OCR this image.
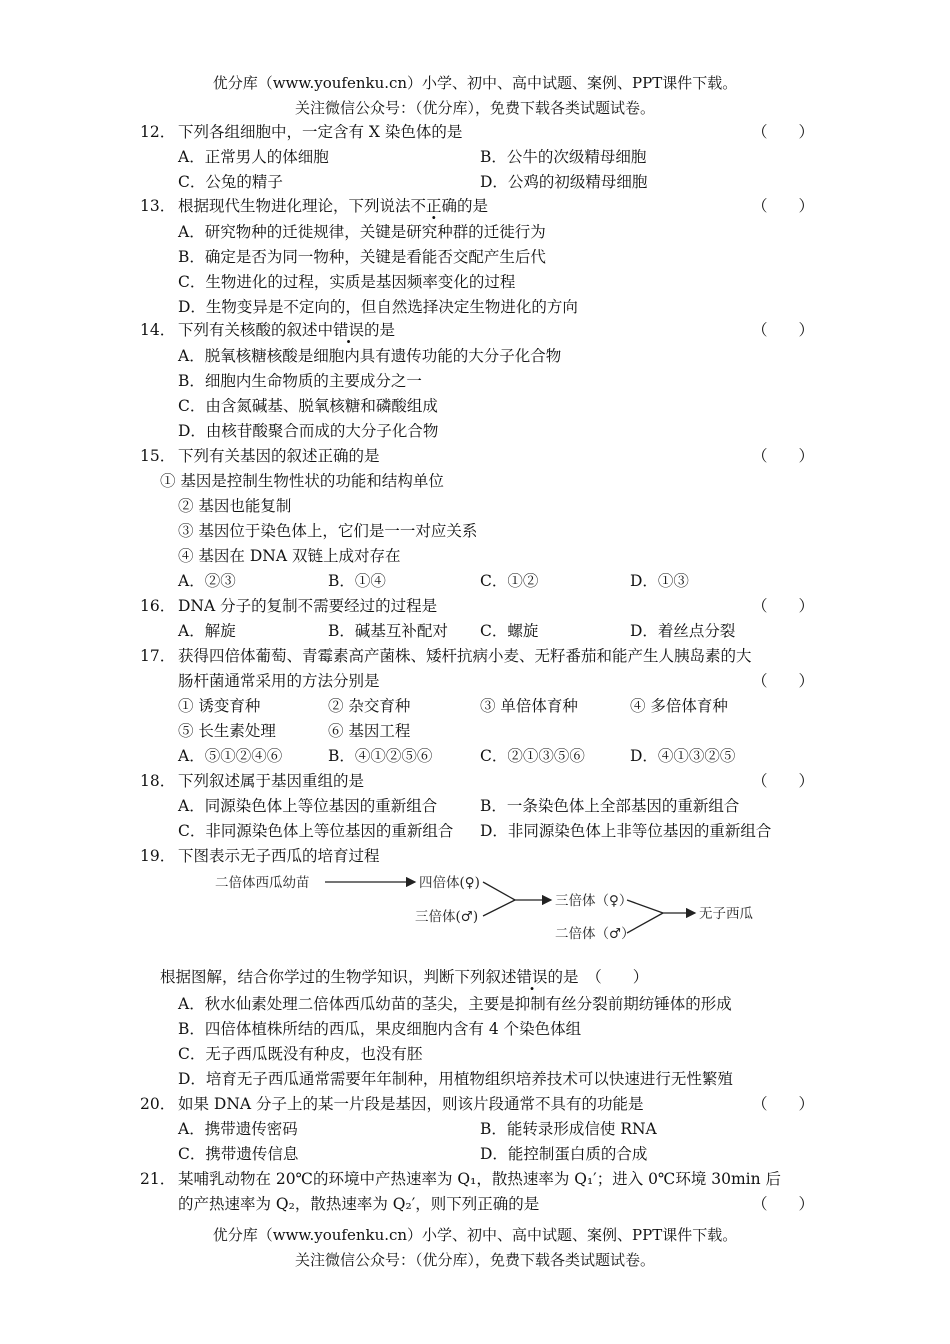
优分库（www.youfenku.cn）小学、初中、高中试题、案例、PPT课件下载。
关注微信公众号：（优分库），免费下载各类试题试卷。
12． 下列各组细胞中，一定含有 X 染色体的是	（　　）
A．正常男人的体细胞	B．公牛的次级精母细胞
C．公兔的精子	D．公鸡的初级精母细胞
13． 根据现代生物进化理论，下列说法不正确的是	（　　）
A．研究物种的迁徙规律，关键是研究种群的迁徙行为
B．确定是否为同一物种，关键是看能否交配产生后代
C．生物进化的过程，实质是基因频率变化的过程
D．生物变异是不定向的，但自然选择决定生物进化的方向
14． 下列有关核酸的叙述中错误的是	（　　）
A．脱氧核糖核酸是细胞内具有遗传功能的大分子化合物
B．细胞内生命物质的主要成分之一
C．由含氮碱基、脱氧核糖和磷酸组成
D．由核苷酸聚合而成的大分子化合物
15． 下列有关基因的叙述正确的是	（　　）
① 基因是控制生物性状的功能和结构单位
② 基因也能复制
③ 基因位于染色体上，它们是一一对应关系
④ 基因在 DNA 双链上成对存在
A．②③	B．①④	C．①②	D．①③
16． DNA 分子的复制不需要经过的过程是	（　　）
A．解旋	B．碱基互补配对 C．螺旋	D．着丝点分裂
17． 获得四倍体葡萄、青霉素高产菌株、矮杆抗病小麦、无籽番茄和能产生人胰岛素的大
肠杆菌通常采用的方法分别是	（　　）
① 诱变育种	② 杂交育种	③ 单倍体育种	④ 多倍体育种
⑤ 长生素处理	⑥ 基因工程
A．⑤①②④⑥	B．④①②⑤⑥	C．②①③⑤⑥	D．④①③②⑤
18． 下列叙述属于基因重组的是	（　　）
A．同源染色体上等位基因的重新组合	B．一条染色体上全部基因的重新组合
C．非同源染色体上等位基因的重新组合 D．非同源染色体上非等位基因的重新组合
19． 下图表示无子西瓜的培育过程
二倍体西瓜幼苗	四倍体(♀)
三倍体(♂)
三倍体（♀）
二倍体（♂）
无子西瓜
根据图解，结合你学过的生物学知识，判断下列叙述错误的是　（　　）
A．秋水仙素处理二倍体西瓜幼苗的茎尖，主要是抑制有丝分裂前期纺锤体的形成
B．四倍体植株所结的西瓜，果皮细胞内含有 4 个染色体组
C．无子西瓜既没有种皮，也没有胚
D．培育无子西瓜通常需要年年制种，用植物组织培养技术可以快速进行无性繁殖
20． 如果 DNA 分子上的某一片段是基因，则该片段通常不具有的功能是	（　　）
A．携带遗传密码	B．能转录形成信使 RNA
C．携带遗传信息	D．能控制蛋白质的合成
21． 某哺乳动物在 20℃的环境中产热速率为 Q₁，散热速率为 Q₁′；进入 0℃环境 30min 后
的产热速率为 Q₂，散热速率为 Q₂′，则下列正确的是	（　　）
优分库（www.youfenku.cn）小学、初中、高中试题、案例、PPT课件下载。
关注微信公众号：（优分库），免费下载各类试题试卷。
